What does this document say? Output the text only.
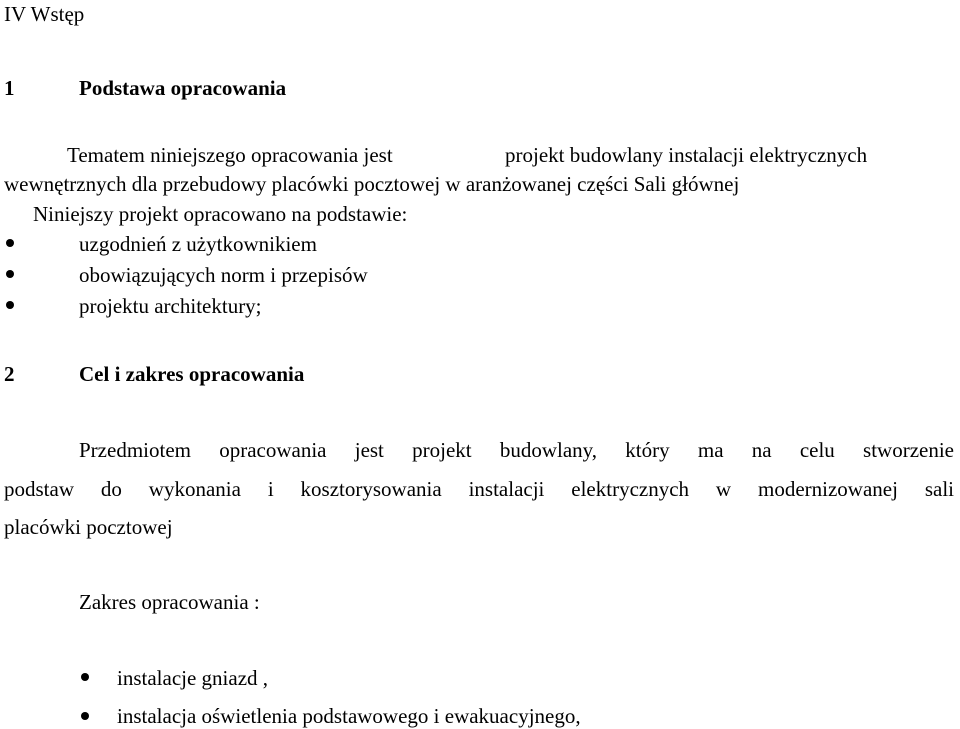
IV Wstęp
1	Podstawa opracowania
Tematem niniejszego opracowania jest	projekt budowlany instalacji elektrycznych
wewnętrznych dla przebudowy placówki pocztowej w aranżowanej części Sali głównej
Niniejszy projekt opracowano na podstawie:
uzgodnień z użytkownikiem
obowiązujących norm i przepisów
projektu architektury;
2	Cel i zakres opracowania
Przedmiotem opracowania jest projekt budowlany, który ma na celu stworzenie
podstaw do wykonania i kosztorysowania instalacji elektrycznych w modernizowanej sali
placówki pocztowej
Zakres opracowania :
instalacje gniazd ,
instalacja oświetlenia podstawowego i ewakuacyjnego,
